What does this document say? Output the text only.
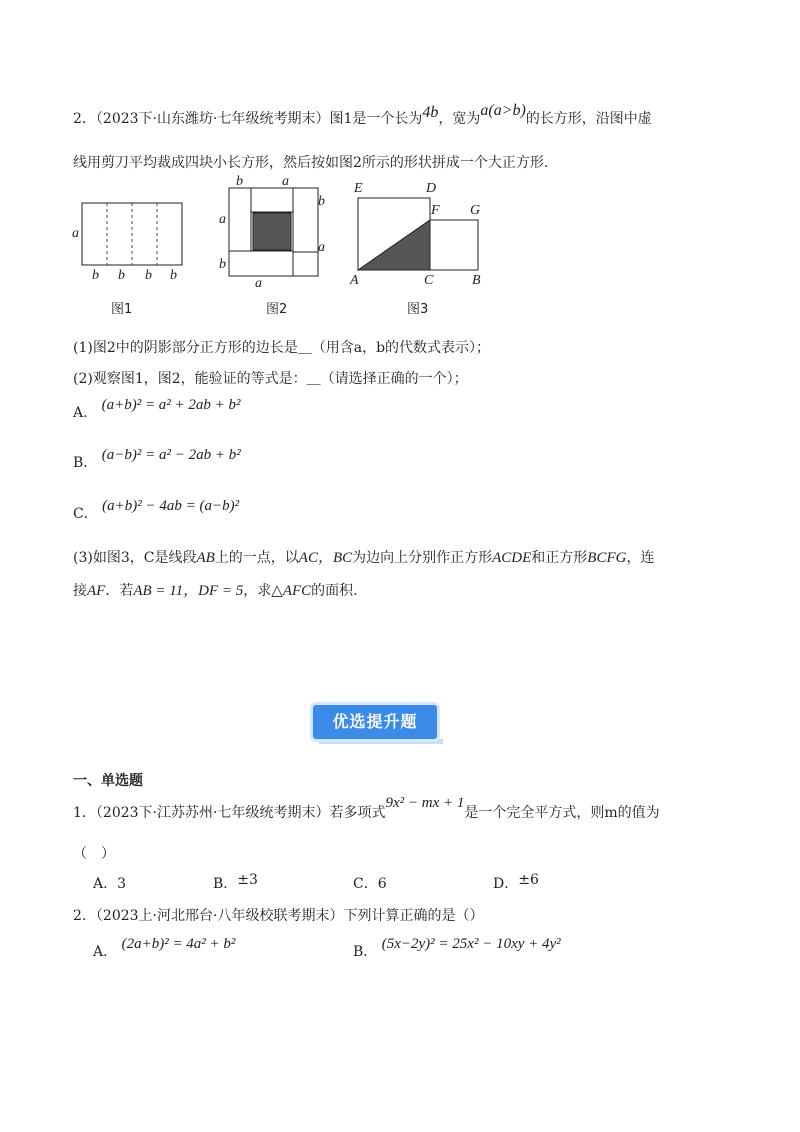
2．（2023下·山东潍坊·七年级统考期末）图1是一个长为4b，宽为a(a>b)的长方形，沿图中虚
线用剪刀平均裁成四块小长方形，然后按如图2所示的形状拼成一个大正方形.
a
b b b b
图1
b	a
b
a
a
b
a
图2
E	D
F G
A	C	B
图3
(1)图2中的阴影部分正方形的边长是＿（用含a，b的代数式表示）；
(2)观察图1，图2，能验证的等式是：＿（请选择正确的一个）；
A． (a+b)² = a² + 2ab + b²
B． (a−b)² = a² − 2ab + b²
C． (a+b)² − 4ab = (a−b)²
(3)如图3，C是线段AB上的一点，以AC，BC为边向上分别作正方形ACDE和正方形BCFG，连
接AF．若AB = 11，DF = 5，求△AFC的面积.
优选提升题
一、单选题
1．（2023下·江苏苏州·七年级统考期末）若多项式9x² − mx + 1是一个完全平方式，则m的值为
（　）
A．3	B．±3	C．6	D．±6
2．（2023上·河北邢台·八年级校联考期末）下列计算正确的是（）
A． (2a+b)² = 4a² + b²	B． (5x−2y)² = 25x² − 10xy + 4y²
